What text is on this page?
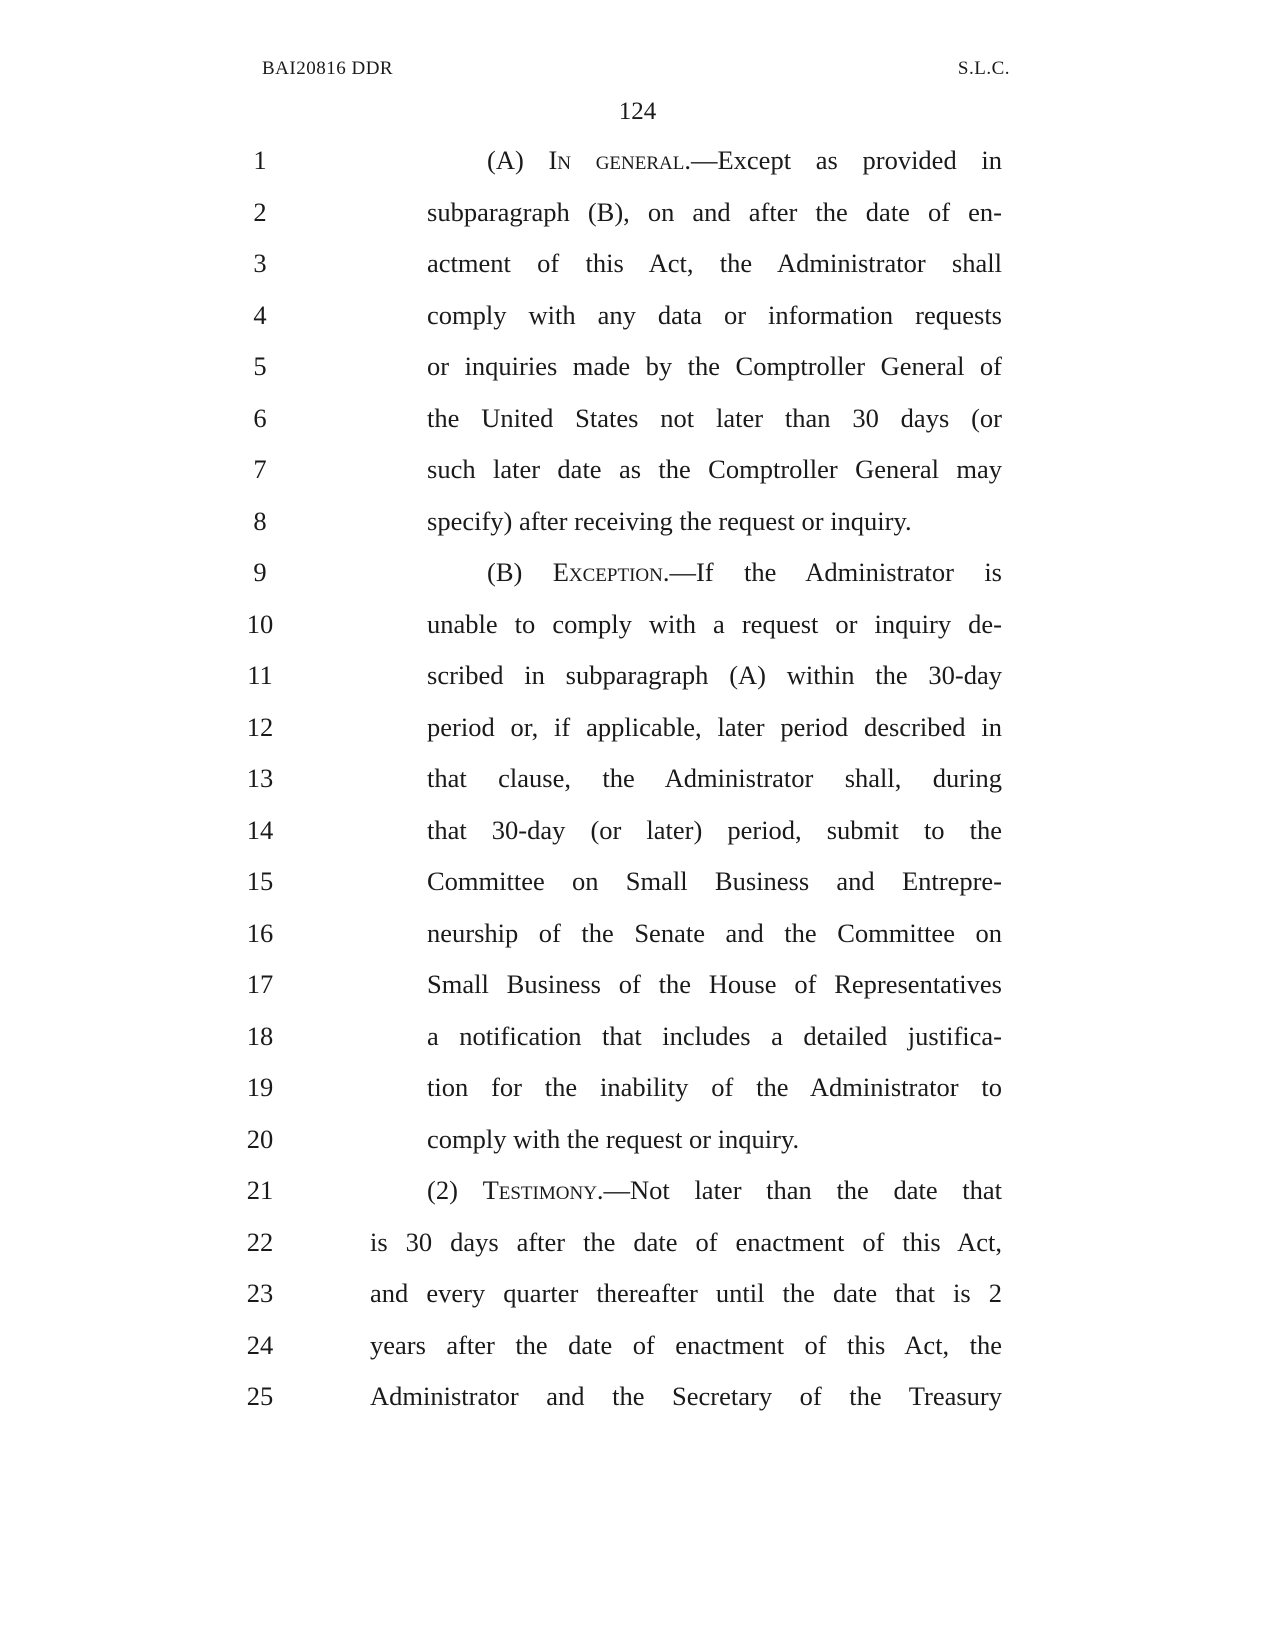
BAI20816 DDR	S.L.C.
124
1	(A) In general.—Except as provided in
2	subparagraph (B), on and after the date of en-
3	actment of this Act, the Administrator shall
4	comply with any data or information requests
5	or inquiries made by the Comptroller General of
6	the United States not later than 30 days (or
7	such later date as the Comptroller General may
8	specify) after receiving the request or inquiry.
9	(B) Exception.—If the Administrator is
10	unable to comply with a request or inquiry de-
11	scribed in subparagraph (A) within the 30-day
12	period or, if applicable, later period described in
13	that clause, the Administrator shall, during
14	that 30-day (or later) period, submit to the
15	Committee on Small Business and Entrepre-
16	neurship of the Senate and the Committee on
17	Small Business of the House of Representatives
18	a notification that includes a detailed justifica-
19	tion for the inability of the Administrator to
20	comply with the request or inquiry.
21	(2) Testimony.—Not later than the date that
22	is 30 days after the date of enactment of this Act,
23	and every quarter thereafter until the date that is 2
24	years after the date of enactment of this Act, the
25	Administrator and the Secretary of the Treasury
